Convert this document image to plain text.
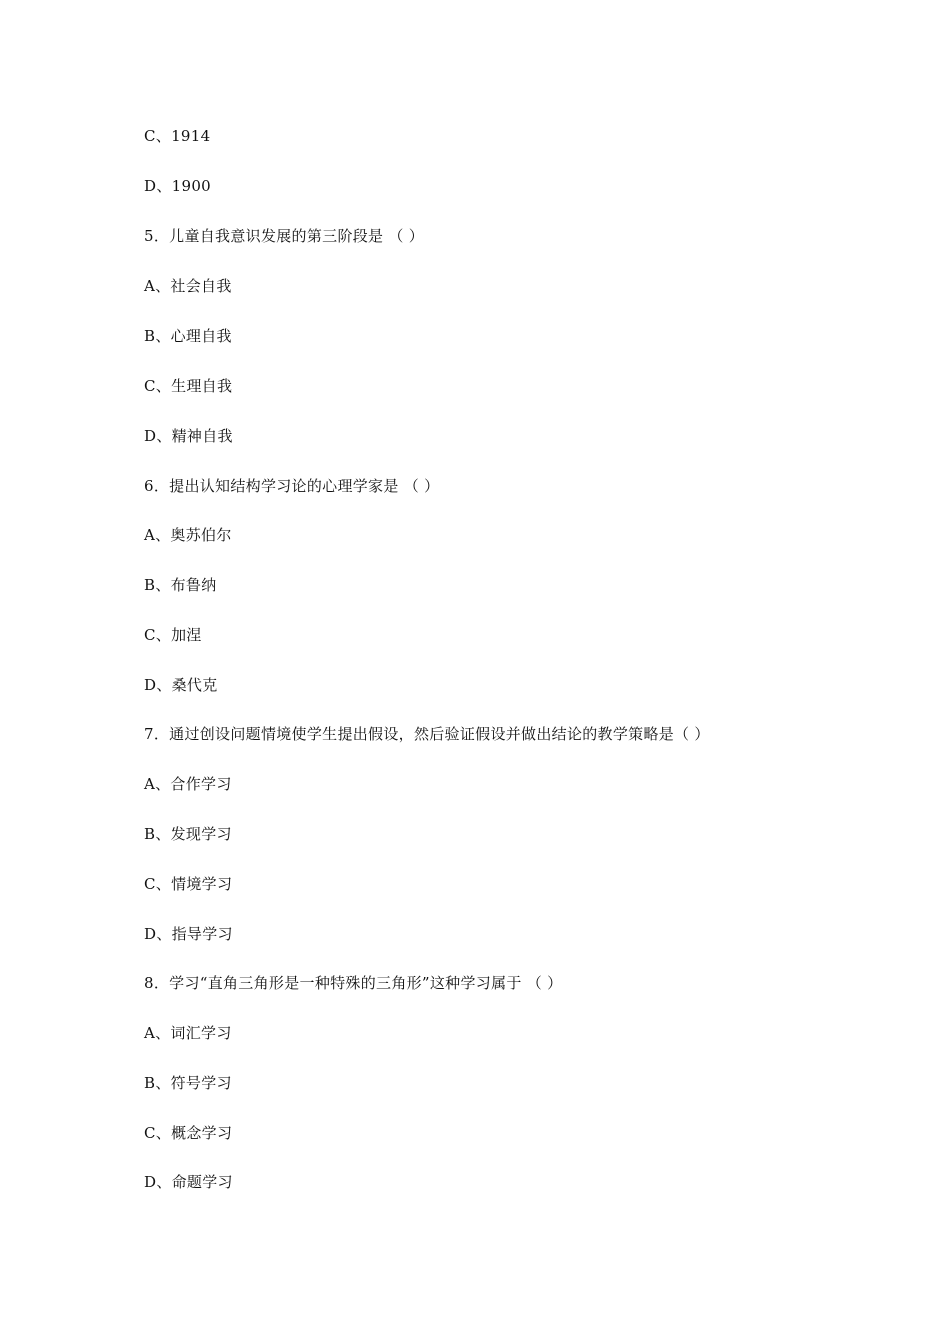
C、1914
D、1900
5．儿童自我意识发展的第三阶段是 （ ）
A、社会自我
B、心理自我
C、生理自我
D、精神自我
6．提出认知结构学习论的心理学家是 （ ）
A、奥苏伯尔
B、布鲁纳
C、加涅
D、桑代克
7．通过创设问题情境使学生提出假设，然后验证假设并做出结论的教学策略是（ ）
A、合作学习
B、发现学习
C、情境学习
D、指导学习
8．学习“直角三角形是一种特殊的三角形”这种学习属于 （ ）
A、词汇学习
B、符号学习
C、概念学习
D、命题学习
